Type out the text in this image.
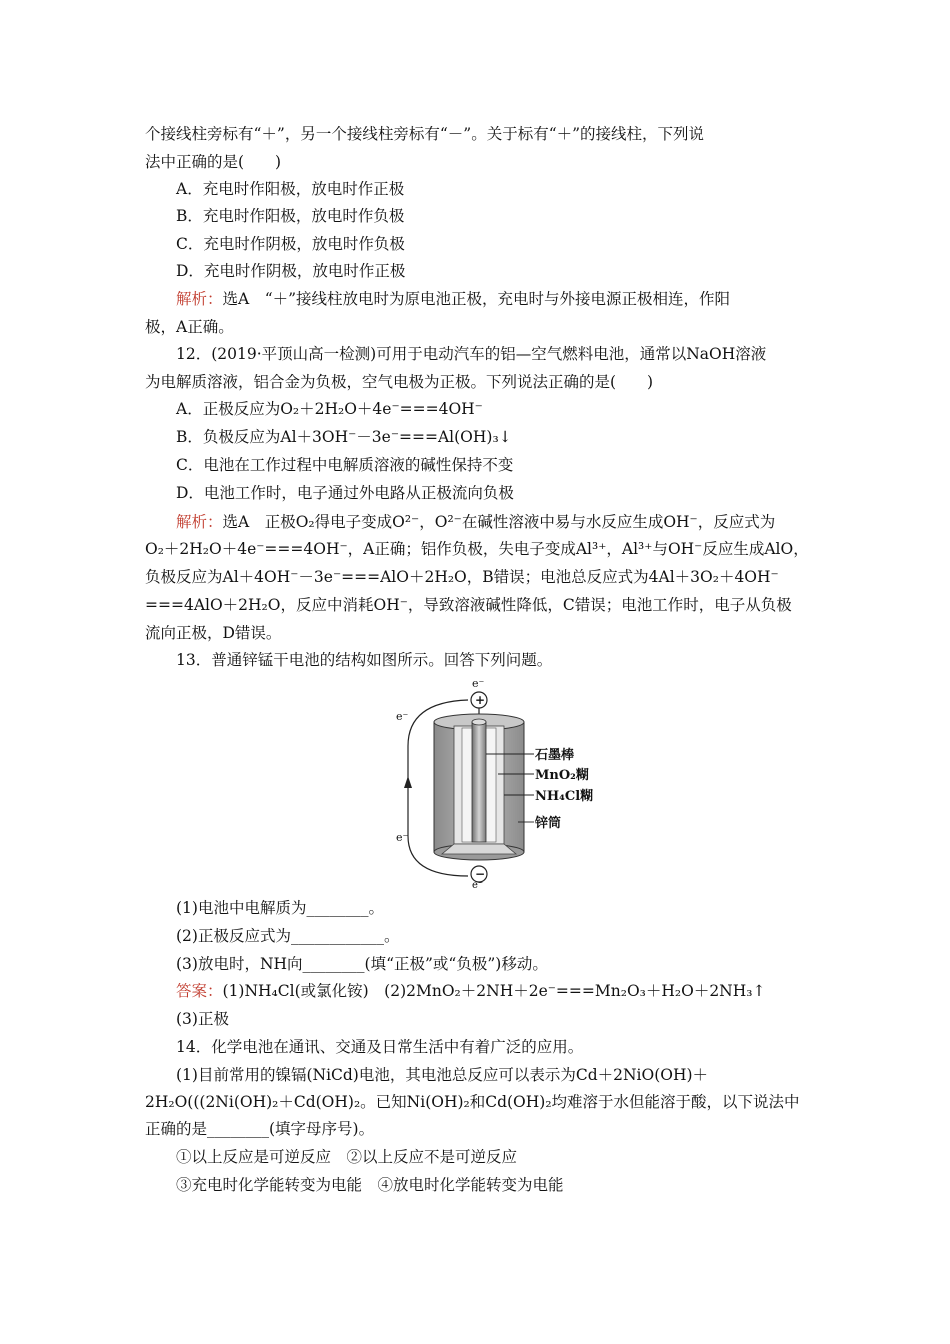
个接线柱旁标有“＋”，另一个接线柱旁标有“－”。关于标有“＋”的接线柱，下列说
法中正确的是(　　)
A．充电时作阳极，放电时作正极
B．充电时作阳极，放电时作负极
C．充电时作阴极，放电时作负极
D．充电时作阴极，放电时作正极
解析：选A　“＋”接线柱放电时为原电池正极，充电时与外接电源正极相连，作阳
极，A正确。
12．(2019·平顶山高一检测)可用于电动汽车的铝—空气燃料电池，通常以NaOH溶液
为电解质溶液，铝合金为负极，空气电极为正极。下列说法正确的是(　　)
A．正极反应为O₂＋2H₂O＋4e⁻===4OH⁻
B．负极反应为Al＋3OH⁻－3e⁻===Al(OH)₃↓
C．电池在工作过程中电解质溶液的碱性保持不变
D．电池工作时，电子通过外电路从正极流向负极
解析：选A　正极O₂得电子变成O²⁻，O²⁻在碱性溶液中易与水反应生成OH⁻，反应式为
O₂＋2H₂O＋4e⁻===4OH⁻，A正确；铝作负极，失电子变成Al³⁺，Al³⁺与OH⁻反应生成AlO，
负极反应为Al＋4OH⁻－3e⁻===AlO＋2H₂O，B错误；电池总反应式为4Al＋3O₂＋4OH⁻
===4AlO＋2H₂O，反应中消耗OH⁻，导致溶液碱性降低，C错误；电池工作时，电子从负极
流向正极，D错误。
13．普通锌锰干电池的结构如图所示。回答下列问题。
e⁻
+
−
e⁻
e⁻
e⁻
石墨棒
MnO₂糊
NH₄Cl糊
锌筒
(1)电池中电解质为________。
(2)正极反应式为____________。
(3)放电时，NH向________(填“正极”或“负极”)移动。
答案：(1)NH₄Cl(或氯化铵)　(2)2MnO₂＋2NH＋2e⁻===Mn₂O₃＋H₂O＋2NH₃↑
(3)正极
14．化学电池在通讯、交通及日常生活中有着广泛的应用。
(1)目前常用的镍镉(NiCd)电池，其电池总反应可以表示为Cd＋2NiO(OH)＋
2H₂O(((2Ni(OH)₂＋Cd(OH)₂。已知Ni(OH)₂和Cd(OH)₂均难溶于水但能溶于酸，以下说法中
正确的是________(填字母序号)。
①以上反应是可逆反应　②以上反应不是可逆反应
③充电时化学能转变为电能　④放电时化学能转变为电能
